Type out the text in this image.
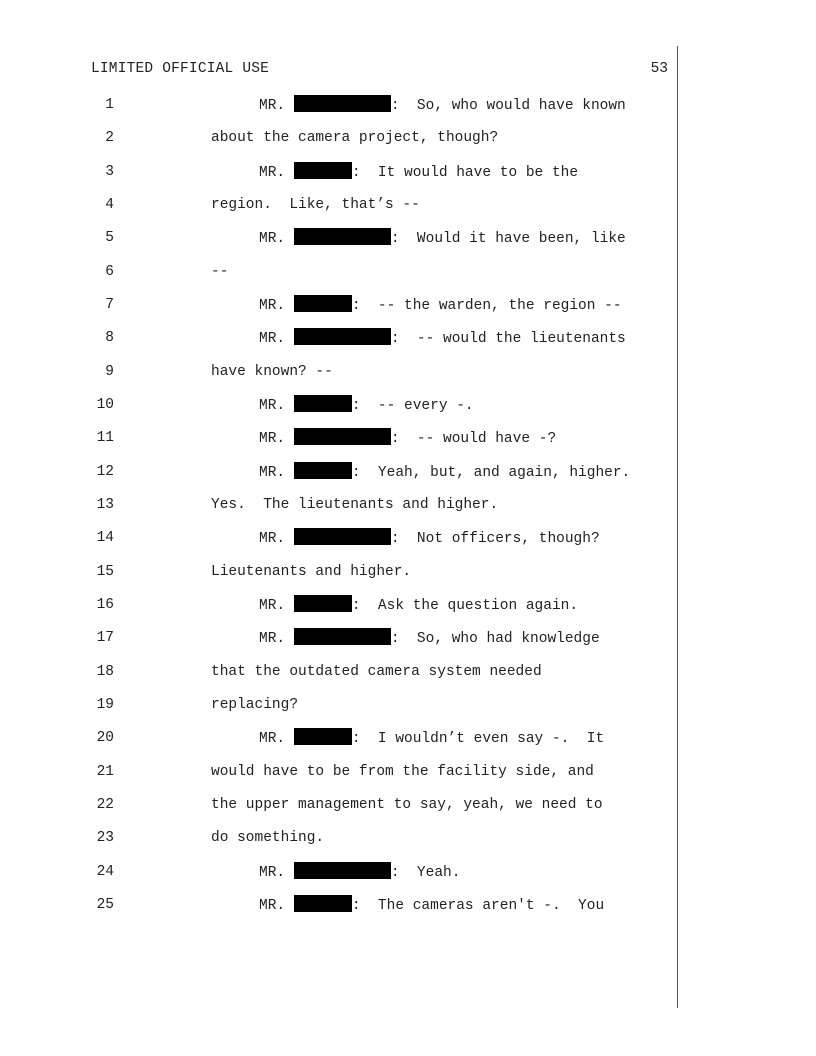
LIMITED OFFICIAL USE	53
1	MR.	:  So, who would have known
2	about the camera project, though?
3	MR.	:  It would have to be the
4	region.  Like, that’s --
5	MR.	:  Would it have been, like
6	--
7	MR.	:  -- the warden, the region --
8	MR.	:  -- would the lieutenants
9	have known? --
10	MR.	:  -- every -.
11	MR.	:  -- would have -?
12	MR.	:  Yeah, but, and again, higher.
13	Yes.  The lieutenants and higher.
14	MR.	:  Not officers, though?
15	Lieutenants and higher.
16	MR.	:  Ask the question again.
17	MR.	:  So, who had knowledge
18	that the outdated camera system needed
19	replacing?
20	MR.	:  I wouldn’t even say -.  It
21	would have to be from the facility side, and
22	the upper management to say, yeah, we need to
23	do something.
24	MR.	:  Yeah.
25	MR.	:  The cameras aren't -.  You
